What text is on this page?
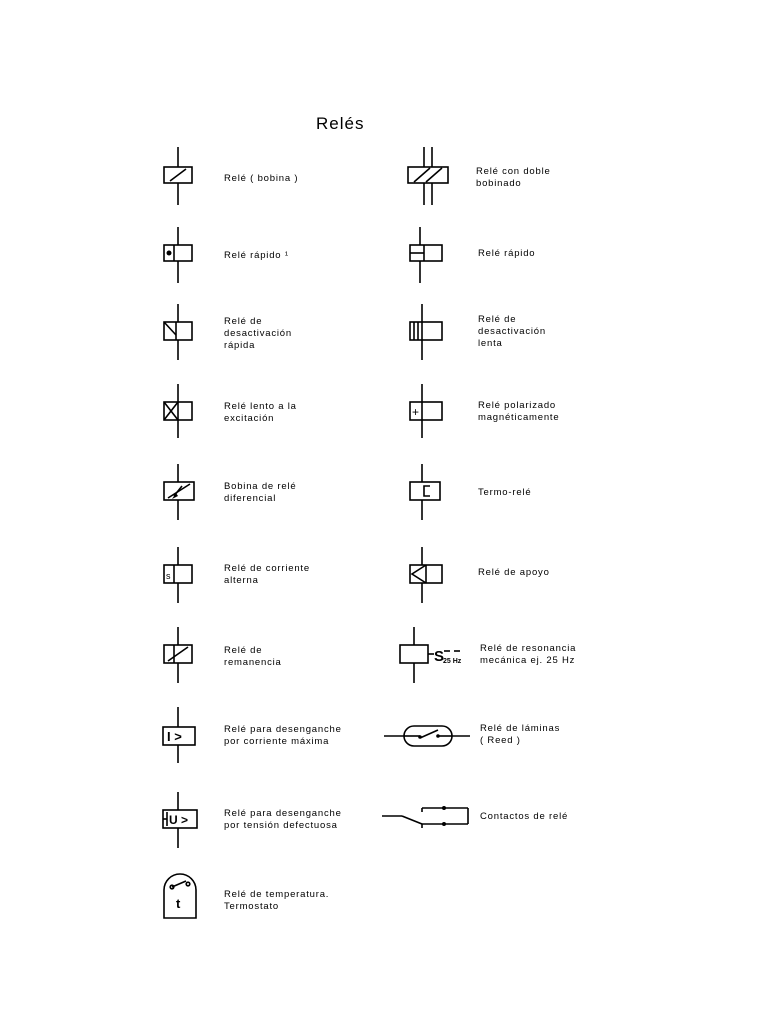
Relés
s
I >
U >
t
Relé ( bobina )
Relé rápido ¹
Relé de
desactivación
rápida
Relé lento a la
excitación
Bobina de relé
diferencial
Relé de corriente
alterna
Relé de
remanencia
Relé para desenganche
por corriente máxima
Relé para desenganche
por tensión defectuosa
Relé de temperatura.
Termostato
+
S
25 Hz
Relé con doble
bobinado
Relé rápido
Relé de
desactivación
lenta
Relé polarizado
magnéticamente
Termo-relé
Relé de apoyo
Relé de resonancia
mecánica ej. 25 Hz
Relé de láminas
( Reed )
Contactos de relé
